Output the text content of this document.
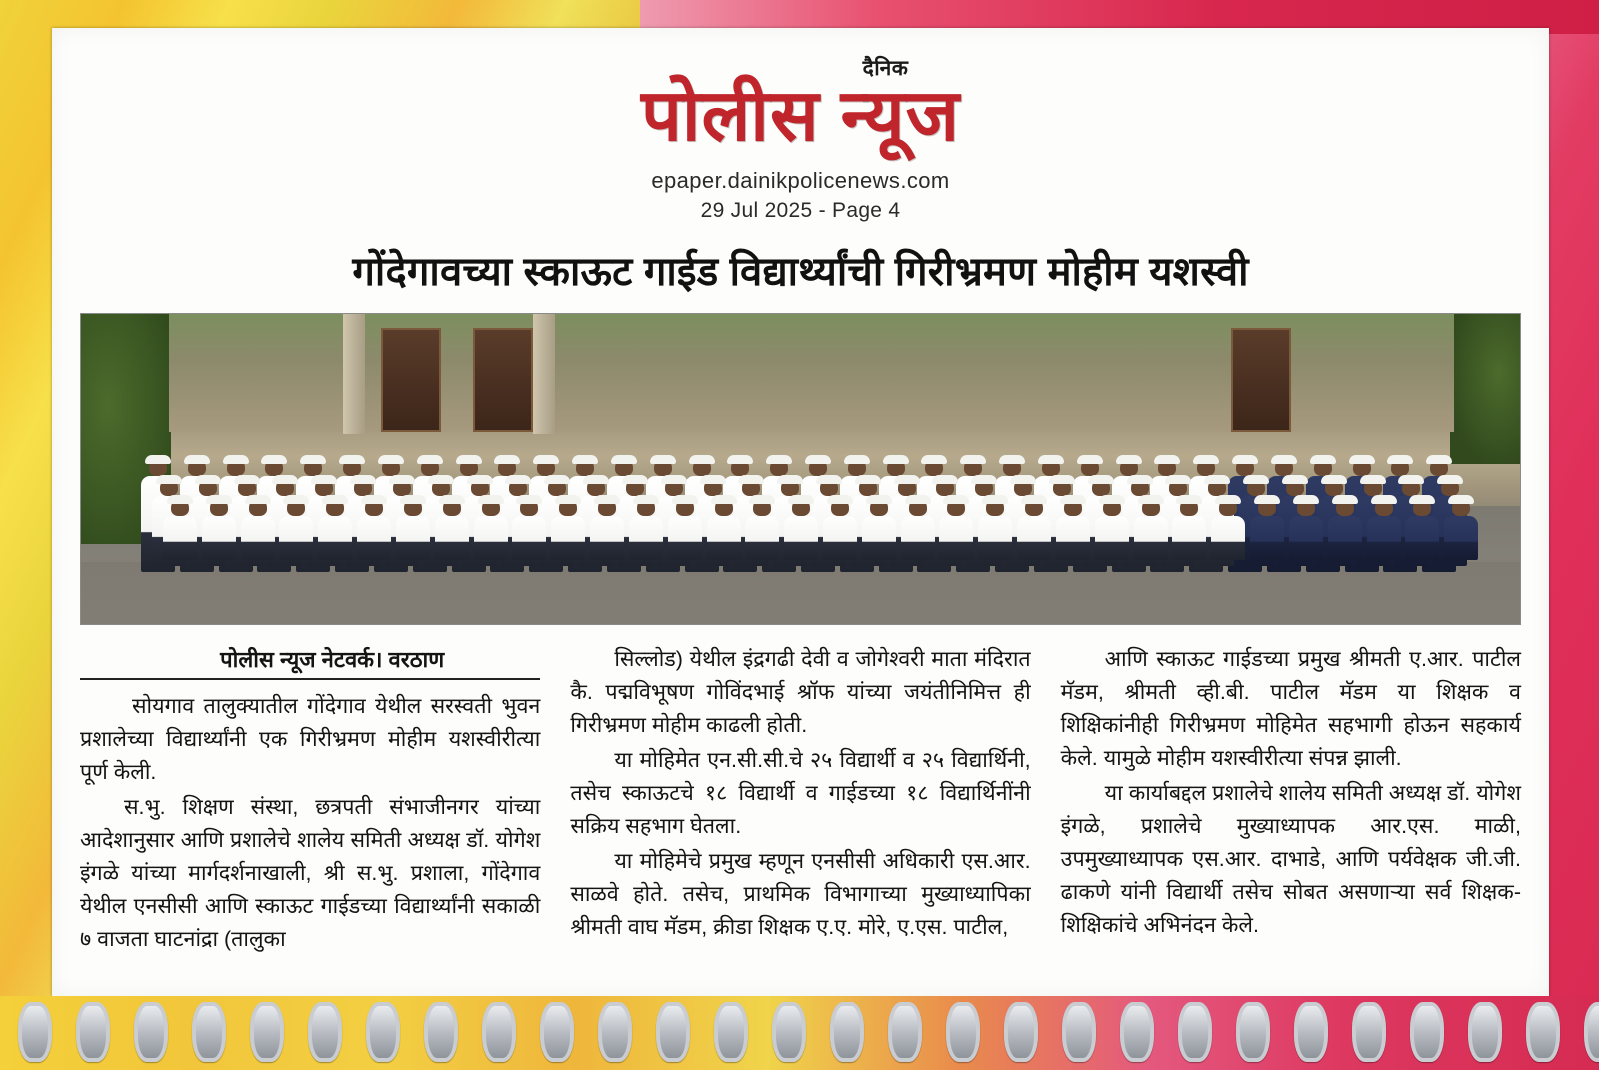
दैनिक
पोलीस न्यूज
epaper.dainikpolicenews.com
29 Jul 2025 - Page 4
गोंदेगावच्या स्काऊट गाईड विद्यार्थ्यांची गिरीभ्रमण मोहीम यशस्वी

पोलीस न्यूज नेटवर्क। वरठाण

सोयगाव तालुक्यातील गोंदेगाव येथील सरस्वती भुवन प्रशालेच्या विद्यार्थ्यांनी एक गिरीभ्रमण मोहीम यशस्वीरीत्या पूर्ण केली.

स.भु. शिक्षण संस्था, छत्रपती संभाजीनगर यांच्या आदेशानुसार आणि प्रशालेचे शालेय समिती अध्यक्ष डॉ. योगेश इंगळे यांच्या मार्गदर्शनाखाली, श्री स.भु. प्रशाला, गोंदेगाव येथील एनसीसी आणि स्काऊट गाईडच्या विद्यार्थ्यांनी सकाळी ७ वाजता घाटनांद्रा (तालुका

सिल्लोड) येथील इंद्रगढी देवी व जोगेश्वरी माता मंदिरात कै. पद्मविभूषण गोविंदभाई श्रॉफ यांच्या जयंतीनिमित्त ही गिरीभ्रमण मोहीम काढली होती.

या मोहिमेत एन.सी.सी.चे २५ विद्यार्थी व २५ विद्यार्थिनी, तसेच स्काऊटचे १८ विद्यार्थी व गाईडच्या १८ विद्यार्थिनींनी सक्रिय सहभाग घेतला.

या मोहिमेचे प्रमुख म्हणून एनसीसी अधिकारी एस.आर. साळवे होते. तसेच, प्राथमिक विभागाच्या मुख्याध्यापिका श्रीमती वाघ मॅडम, क्रीडा शिक्षक ए.ए. मोरे, ए.एस. पाटील,

आणि स्काऊट गाईडच्या प्रमुख श्रीमती ए.आर. पाटील मॅडम, श्रीमती व्ही.बी. पाटील मॅडम या शिक्षक व शिक्षिकांनीही गिरीभ्रमण मोहिमेत सहभागी होऊन सहकार्य केले. यामुळे मोहीम यशस्वीरीत्या संपन्न झाली.

या कार्याबद्दल प्रशालेचे शालेय समिती अध्यक्ष डॉ. योगेश इंगळे, प्रशालेचे मुख्याध्यापक आर.एस. माळी, उपमुख्याध्यापक एस.आर. दाभाडे, आणि पर्यवेक्षक जी.जी. ढाकणे यांनी विद्यार्थी तसेच सोबत असणाऱ्या सर्व शिक्षक-शिक्षिकांचे अभिनंदन केले.
